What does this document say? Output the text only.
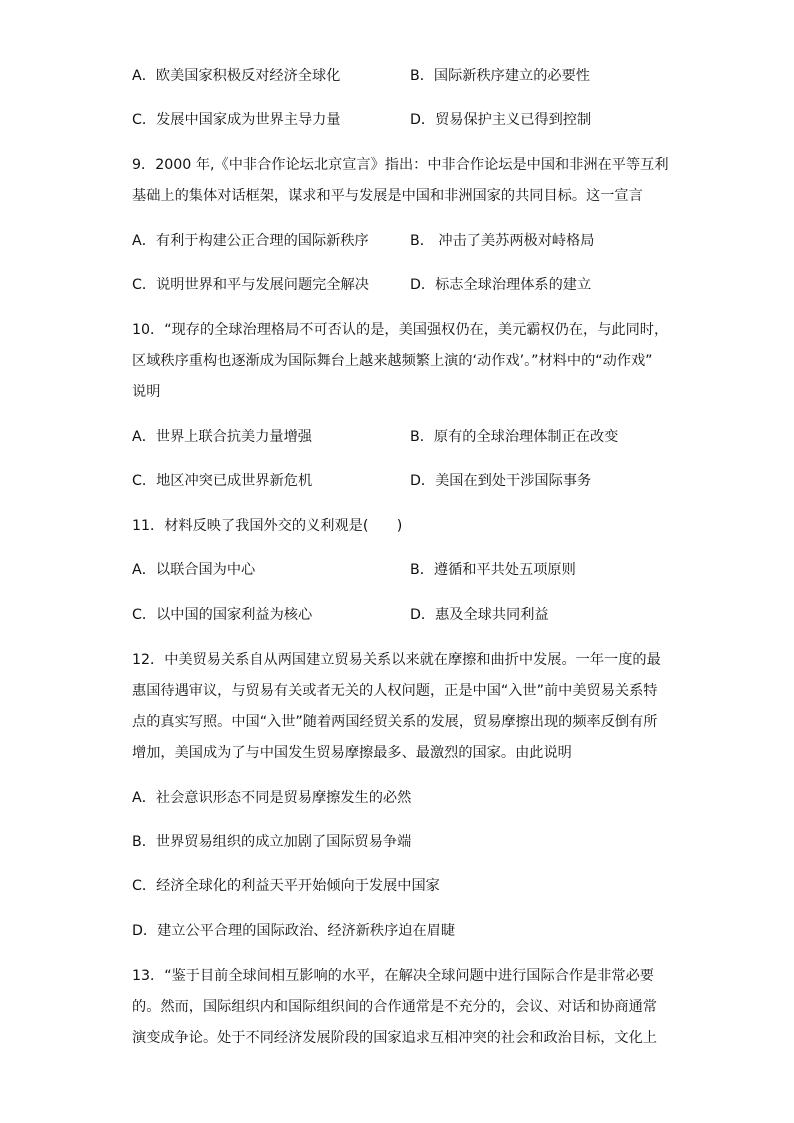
A．欧美国家积极反对经济全球化	B．国际新秩序建立的必要性
C．发展中国家成为世界主导力量	D．贸易保护主义已得到控制
9．2000 年,《中非合作论坛北京宣言》指出：中非合作论坛是中国和非洲在平等互利
基础上的集体对话框架，谋求和平与发展是中国和非洲国家的共同目标。这一宣言
A．有利于构建公正合理的国际新秩序	B． 冲击了美苏两极对峙格局
C．说明世界和平与发展问题完全解决	D．标志全球治理体系的建立
10．“现存的全球治理格局不可否认的是，美国强权仍在，美元霸权仍在，与此同时，
区域秩序重构也逐渐成为国际舞台上越来越频繁上演的‘动作戏’。”材料中的“动作戏”
说明
A．世界上联合抗美力量增强	B．原有的全球治理体制正在改变
C．地区冲突已成世界新危机	D．美国在到处干涉国际事务
11．材料反映了我国外交的义利观是(　　)
A．以联合国为中心	B．遵循和平共处五项原则
C．以中国的国家利益为核心	D．惠及全球共同利益
12．中美贸易关系自从两国建立贸易关系以来就在摩擦和曲折中发展。一年一度的最
惠国待遇审议，与贸易有关或者无关的人权问题，正是中国“入世”前中美贸易关系特
点的真实写照。中国“入世”随着两国经贸关系的发展，贸易摩擦出现的频率反倒有所
增加，美国成为了与中国发生贸易摩擦最多、最激烈的国家。由此说明
A．社会意识形态不同是贸易摩擦发生的必然
B．世界贸易组织的成立加剧了国际贸易争端
C．经济全球化的利益天平开始倾向于发展中国家
D．建立公平合理的国际政治、经济新秩序迫在眉睫
13．“鉴于目前全球间相互影响的水平，在解决全球问题中进行国际合作是非常必要
的。然而，国际组织内和国际组织间的合作通常是不充分的，会议、对话和协商通常
演变成争论。处于不同经济发展阶段的国家追求互相冲突的社会和政治目标，文化上
